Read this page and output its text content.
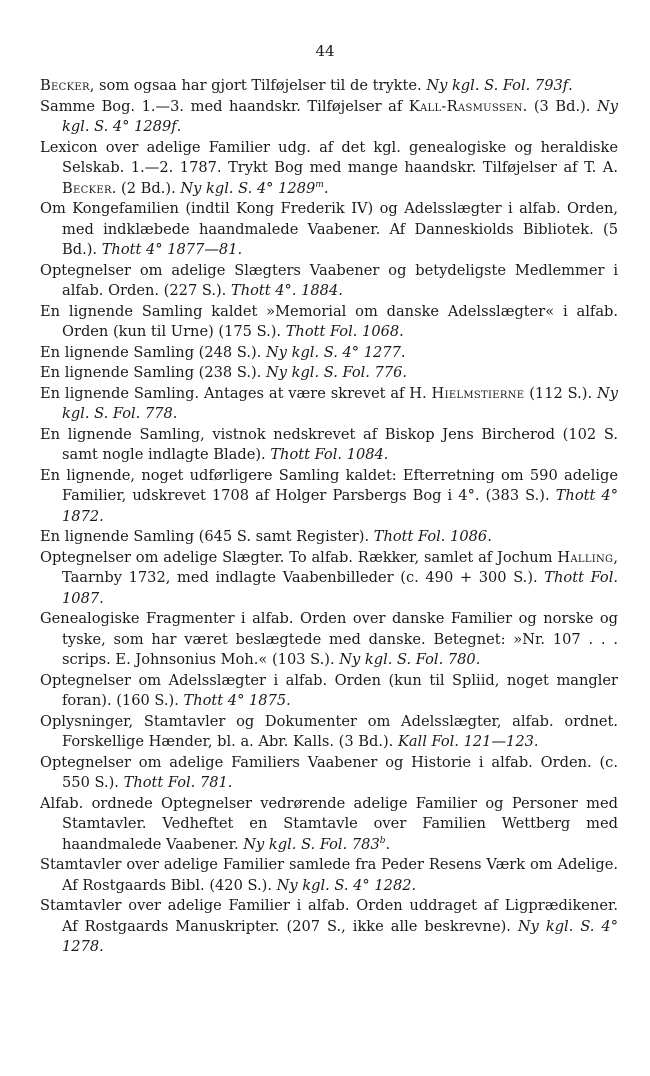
44

Becker, som ogsaa har gjort Tilføjelser til de trykte. Ny kgl. S. Fol. 793f.

Samme Bog. 1.—3. med haandskr. Tilføjelser af Kall-Rasmussen. (3 Bd.). Ny kgl. S. 4° 1289f.

Lexicon over adelige Familier udg. af det kgl. genealogiske og heraldiske Selskab. 1.—2. 1787. Trykt Bog med mange haandskr. Tilføjelser af T. A. Becker. (2 Bd.). Ny kgl. S. 4° 1289$^m$.

Om Kongefamilien (indtil Kong Frederik IV) og Adelsslægter i alfab. Orden, med indklæbede haandmalede Vaabener. Af Danneskiolds Bibliotek. (5 Bd.). Thott 4° 1877—81.

Optegnelser om adelige Slægters Vaabener og betydeligste Medlemmer i alfab. Orden. (227 S.). Thott 4°. 1884.

En lignende Samling kaldet »Memorial om danske Adelsslægter« i alfab. Orden (kun til Urne) (175 S.). Thott Fol. 1068.

En lignende Samling (248 S.). Ny kgl. S. 4° 1277.

En lignende Samling (238 S.). Ny kgl. S. Fol. 776.

En lignende Samling. Antages at være skrevet af H. Hielmstierne (112 S.). Ny kgl. S. Fol. 778.

En lignende Samling, vistnok nedskrevet af Biskop Jens Bircherod (102 S. samt nogle indlagte Blade). Thott Fol. 1084.

En lignende, noget udførligere Samling kaldet: Efterretning om 590 adelige Familier, udskrevet 1708 af Holger Parsbergs Bog i 4°. (383 S.). Thott 4° 1872.

En lignende Samling (645 S. samt Register). Thott Fol. 1086.

Optegnelser om adelige Slægter. To alfab. Rækker, samlet af Jochum Halling, Taarnby 1732, med indlagte Vaabenbilleder (c. 490 + 300 S.). Thott Fol. 1087.

Genealogiske Fragmenter i alfab. Orden over danske Familier og norske og tyske, som har været beslægtede med danske. Betegnet: »Nr. 107 . . . scrips. E. Johnsonius Moh.« (103 S.). Ny kgl. S. Fol. 780.

Optegnelser om Adelsslægter i alfab. Orden (kun til Spliid, noget mangler foran). (160 S.). Thott 4° 1875.

Oplysninger, Stamtavler og Dokumenter om Adelsslægter, alfab. ordnet. Forskellige Hænder, bl. a. Abr. Kalls. (3 Bd.). Kall Fol. 121—123.

Optegnelser om adelige Familiers Vaabener og Historie i alfab. Orden. (c. 550 S.). Thott Fol. 781.

Alfab. ordnede Optegnelser vedrørende adelige Familier og Personer med Stamtavler. Vedheftet en Stamtavle over Familien Wettberg med haandmalede Vaabener. Ny kgl. S. Fol. 783$^b$.

Stamtavler over adelige Familier samlede fra Peder Resens Værk om Adelige. Af Rostgaards Bibl. (420 S.). Ny kgl. S. 4° 1282.

Stamtavler over adelige Familier i alfab. Orden uddraget af Ligprædikener. Af Rostgaards Manuskripter. (207 S., ikke alle beskrevne). Ny kgl. S. 4° 1278.
